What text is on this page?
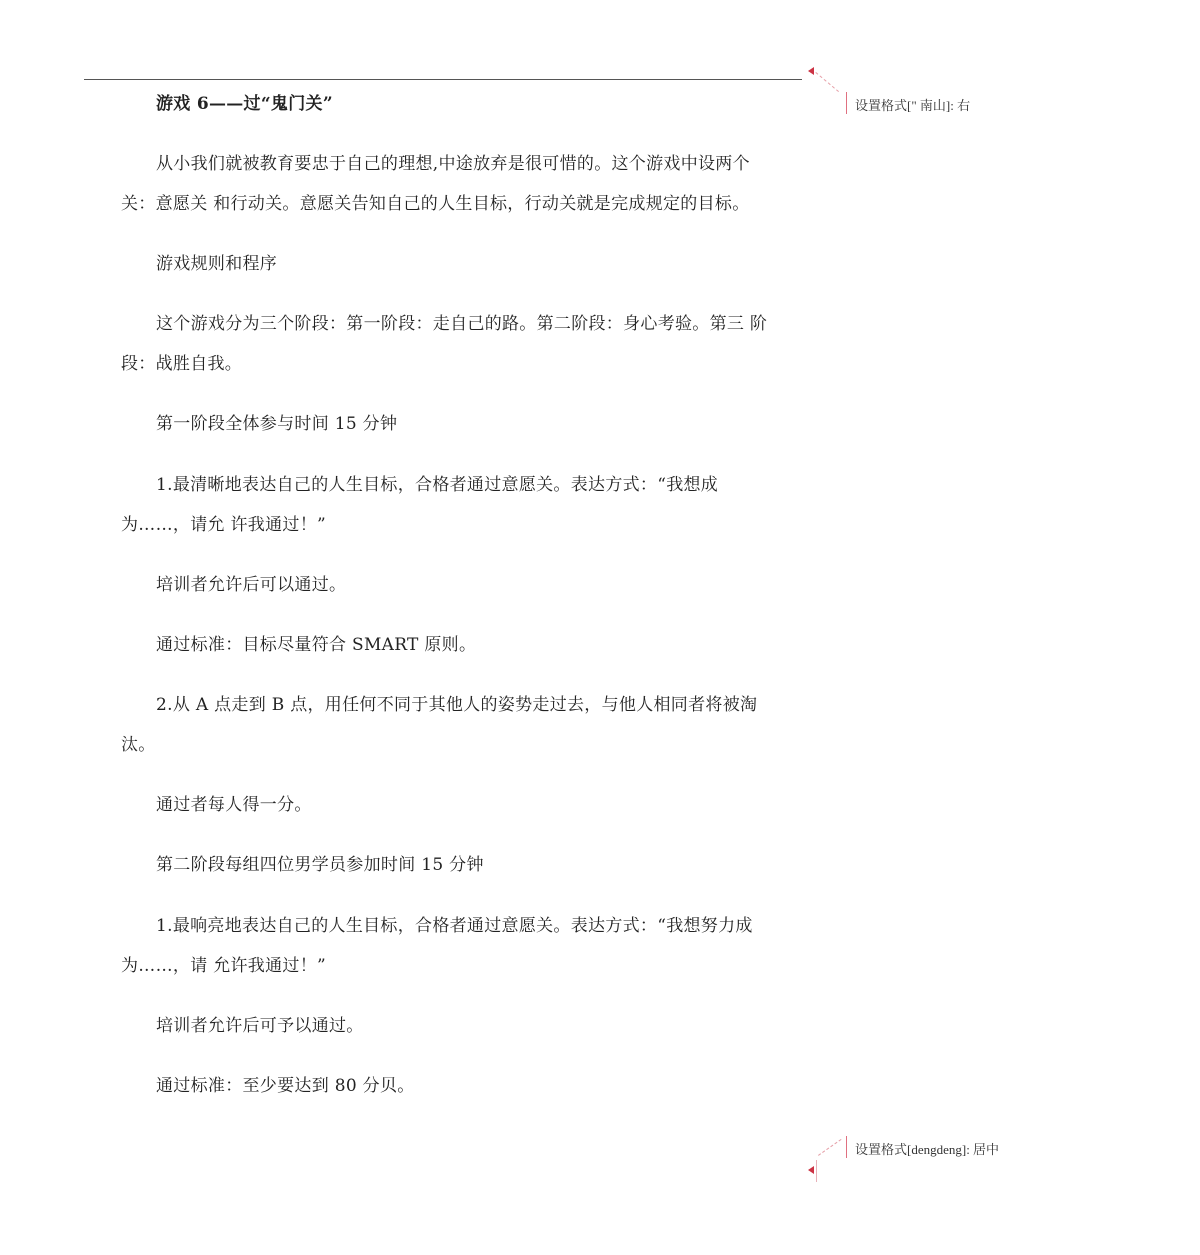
设置格式[" 南山]: 右

游戏 6——过“鬼门关”

从小我们就被教育要忠于自己的理想,中途放弃是很可惜的。这个游戏中设两个关：意愿关 和行动关。意愿关告知自己的人生目标，行动关就是完成规定的目标。

游戏规则和程序

这个游戏分为三个阶段：第一阶段：走自己的路。第二阶段：身心考验。第三 阶段：战胜自我。

第一阶段全体参与时间 15 分钟

1.最清晰地表达自己的人生目标，合格者通过意愿关。表达方式：“我想成为……，请允 许我通过！”

培训者允许后可以通过。

通过标准：目标尽量符合 SMART 原则。

2.从 A 点走到 B 点，用任何不同于其他人的姿势走过去，与他人相同者将被淘汰。

通过者每人得一分。

第二阶段每组四位男学员参加时间 15 分钟

1.最响亮地表达自己的人生目标，合格者通过意愿关。表达方式：“我想努力成为……，请 允许我通过！”

培训者允许后可予以通过。

通过标准：至少要达到 80 分贝。

设置格式[dengdeng]: 居中
